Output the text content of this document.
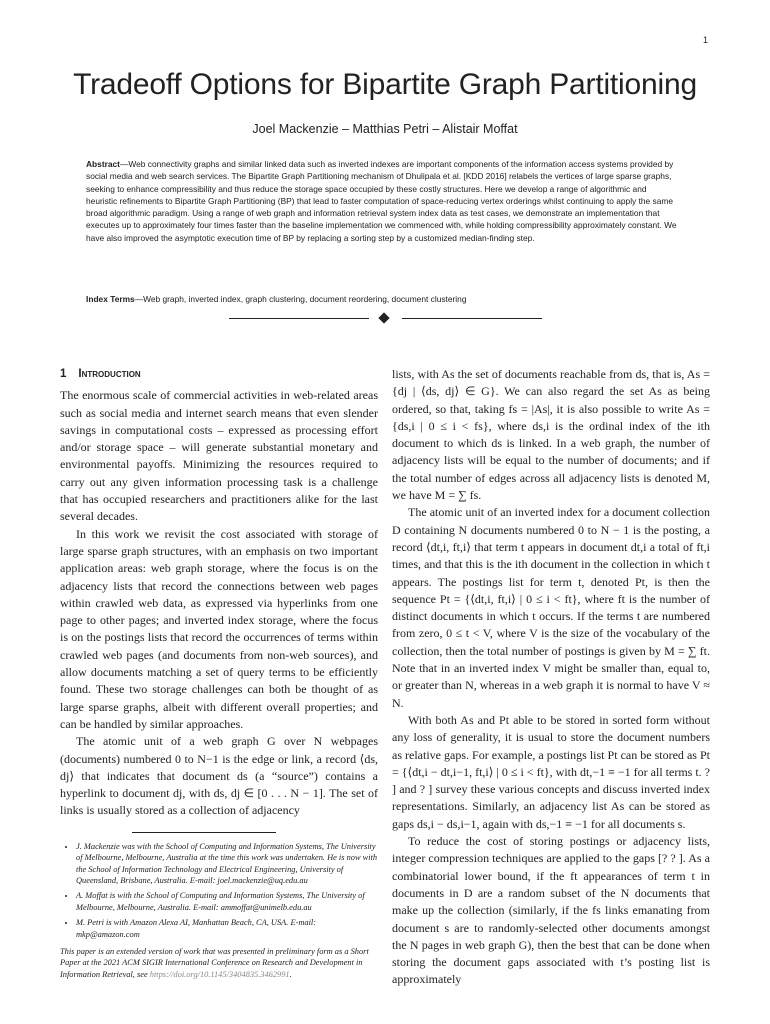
1
Tradeoff Options for Bipartite Graph Partitioning
Joel Mackenzie – Matthias Petri – Alistair Moffat
Abstract—Web connectivity graphs and similar linked data such as inverted indexes are important components of the information access systems provided by social media and web search services. The Bipartite Graph Partitioning mechanism of Dhulipala et al. [KDD 2016] relabels the vertices of large sparse graphs, seeking to enhance compressibility and thus reduce the storage space occupied by these costly structures. Here we develop a range of algorithmic and heuristic refinements to Bipartite Graph Partitioning (BP) that lead to faster computation of space-reducing vertex orderings whilst continuing to apply the same broad algorithmic paradigm. Using a range of web graph and information retrieval system index data as test cases, we demonstrate an implementation that executes up to approximately four times faster than the baseline implementation we commenced with, while holding compressibility approximately constant. We have also improved the asymptotic execution time of BP by replacing a sorting step by a customized median-finding step.
Index Terms—Web graph, inverted index, graph clustering, document reordering, document clustering
1 Introduction

The enormous scale of commercial activities in web-related areas such as social media and internet search means that even slender savings in computational costs – expressed as processing effort and/or storage space – will generate substantial monetary and environmental payoffs. Minimizing the resources required to carry out any given information processing task is a challenge that has occupied researchers and practitioners alike for the last several decades.

In this work we revisit the cost associated with storage of large sparse graph structures, with an emphasis on two important application areas: web graph storage, where the focus is on the adjacency lists that record the connections between web pages within crawled web data, as expressed via hyperlinks from one page to other pages; and inverted index storage, where the focus is on the postings lists that record the occurrences of terms within crawled web pages (and documents from non-web sources), and allow documents matching a set of query terms to be efficiently found. These two storage challenges can both be thought of as large sparse graphs, albeit with different overall properties; and can be handled by similar approaches.

The atomic unit of a web graph G over N webpages (documents) numbered 0 to N−1 is the edge or link, a record ⟨ds, dj⟩ that indicates that document ds (a “source”) contains a hyperlink to document dj, with ds, dj ∈ [0 . . . N − 1]. The set of links is usually stored as a collection of adjacency

• J. Mackenzie was with the School of Computing and Information Systems, The University of Melbourne, Melbourne, Australia at the time this work was undertaken. He is now with the School of Information Technology and Electrical Engineering, University of Queensland, Brisbane, Australia. E-mail: joel.mackenzie@uq.edu.au
• A. Moffat is with the School of Computing and Information Systems, The University of Melbourne, Melbourne, Australia. E-mail: ammoffat@unimelb.edu.au
• M. Petri is with Amazon Alexa AI, Manhattan Beach, CA, USA. E-mail: mkp@amazon.com
This paper is an extended version of work that was presented in preliminary form as a Short Paper at the 2021 ACM SIGIR International Conference on Research and Development in Information Retrieval, see https://doi.org/10.1145/3404835.3462991.

lists, with As the set of documents reachable from ds, that is, As = {dj | ⟨ds, dj⟩ ∈ G}. We can also regard the set As as being ordered, so that, taking fs = |As|, it is also possible to write As = {ds,i | 0 ≤ i < fs}, where ds,i is the ordinal index of the ith document to which ds is linked. In a web graph, the number of adjacency lists will be equal to the number of documents; and if the total number of edges across all adjacency lists is denoted M, we have M = ∑ fs.

The atomic unit of an inverted index for a document collection D containing N documents numbered 0 to N − 1 is the posting, a record ⟨dt,i, ft,i⟩ that term t appears in document dt,i a total of ft,i times, and that this is the ith document in the collection in which t appears. The postings list for term t, denoted Pt, is then the sequence Pt = {⟨dt,i, ft,i⟩ | 0 ≤ i < ft}, where ft is the number of distinct documents in which t occurs. If the terms t are numbered from zero, 0 ≤ t < V, where V is the size of the vocabulary of the collection, then the total number of postings is given by M = ∑ ft. Note that in an inverted index V might be smaller than, equal to, or greater than N, whereas in a web graph it is normal to have V ≈ N.

With both As and Pt able to be stored in sorted form without any loss of generality, it is usual to store the document numbers as relative gaps. For example, a postings list Pt can be stored as Pt = {⟨dt,i − dt,i−1, ft,i⟩ | 0 ≤ i < ft}, with dt,−1 ≡ −1 for all terms t. ? ] and ? ] survey these various concepts and discuss inverted index representations. Similarly, an adjacency list As can be stored as gaps ds,i − ds,i−1, again with ds,−1 ≡ −1 for all documents s.

To reduce the cost of storing postings or adjacency lists, integer compression techniques are applied to the gaps [? ? ]. As a combinatorial lower bound, if the ft appearances of term t in documents in D are a random subset of the N documents that make up the collection (similarly, if the fs links emanating from document s are to randomly-selected other documents amongst the N pages in web graph G), then the best that can be done when storing the document gaps associated with t’s posting list is approximately
